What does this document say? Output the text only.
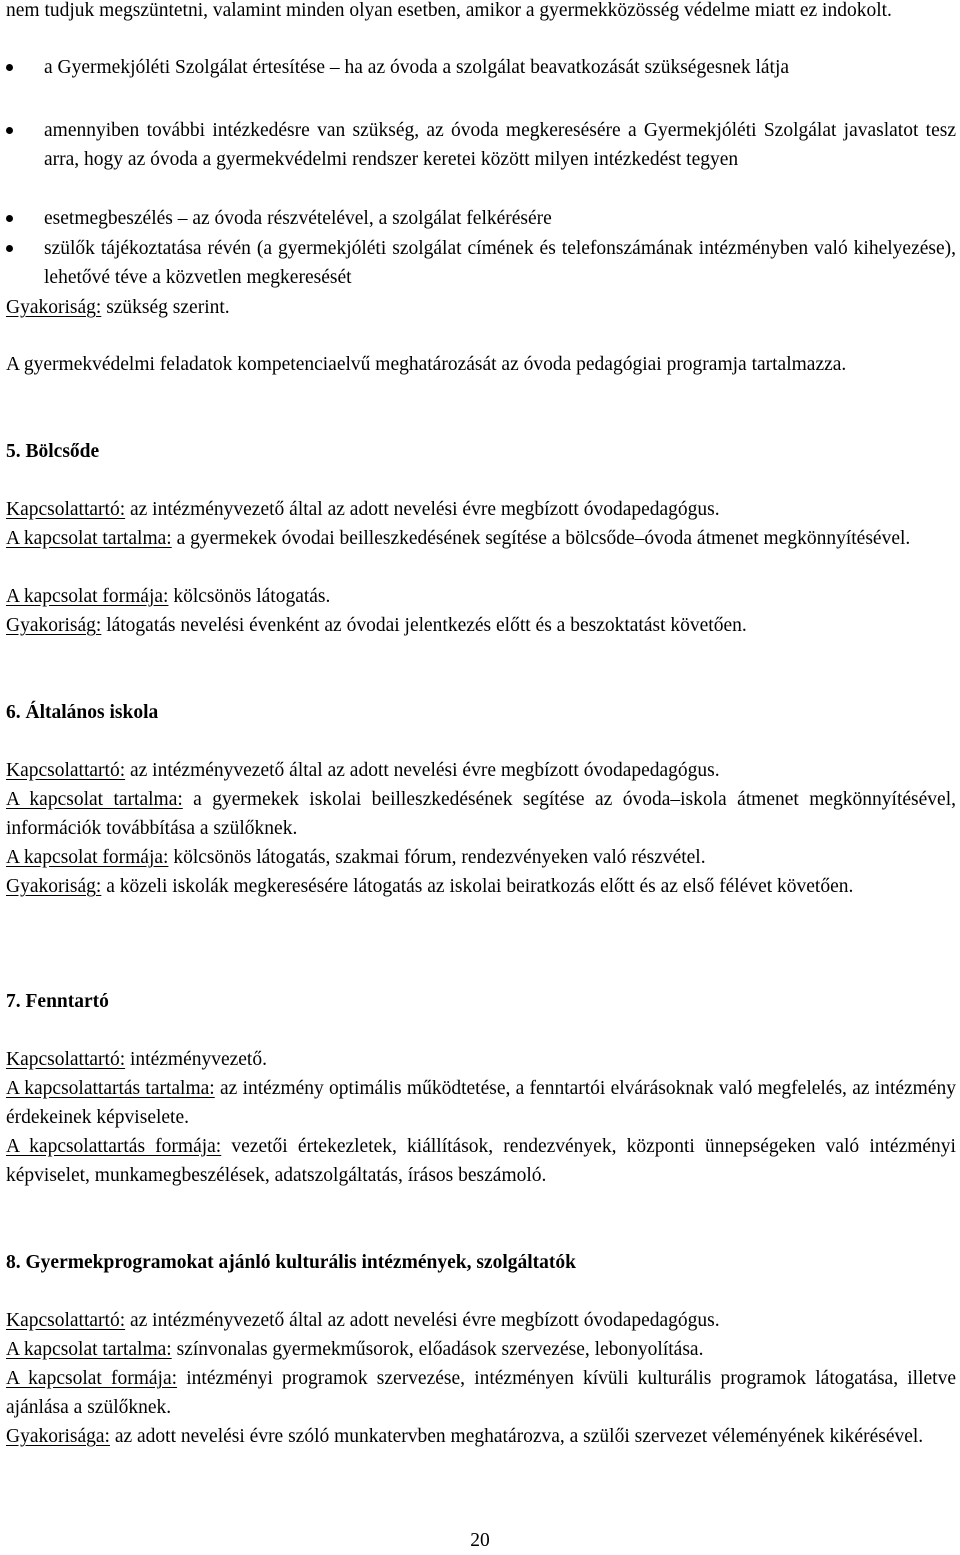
nem tudjuk megszüntetni, valamint minden olyan esetben, amikor a gyermekközösség védelme miatt ez indokolt.

a Gyermekjóléti Szolgálat értesítése – ha az óvoda a szolgálat beavatkozását szükségesnek látja
amennyiben további intézkedésre van szükség, az óvoda megkeresésére a Gyermekjóléti Szolgálat javaslatot tesz arra, hogy az óvoda a gyermekvédelmi rendszer keretei között milyen intézkedést tegyen
esetmegbeszélés – az óvoda részvételével, a szolgálat felkérésére
szülők tájékoztatása révén (a gyermekjóléti szolgálat címének és telefonszámának intézményben való kihelyezése), lehetővé téve a közvetlen megkeresését

Gyakoriság: szükség szerint.

A gyermekvédelmi feladatok kompetenciaelvű meghatározását az óvoda pedagógiai programja tartalmazza.

5. Bölcsőde

Kapcsolattartó: az intézményvezető által az adott nevelési évre megbízott óvodapedagógus.

A kapcsolat tartalma: a gyermekek óvodai beilleszkedésének segítése a bölcsőde–óvoda átmenet megkönnyítésével.

A kapcsolat formája: kölcsönös látogatás.

Gyakoriság: látogatás nevelési évenként az óvodai jelentkezés előtt és a beszoktatást követően.

6. Általános iskola

Kapcsolattartó: az intézményvezető által az adott nevelési évre megbízott óvodapedagógus.

A kapcsolat tartalma: a gyermekek iskolai beilleszkedésének segítése az óvoda–iskola átmenet megkönnyítésével, információk továbbítása a szülőknek.

A kapcsolat formája: kölcsönös látogatás, szakmai fórum, rendezvényeken való részvétel.

Gyakoriság: a közeli iskolák megkeresésére látogatás az iskolai beiratkozás előtt és az első félévet követően.

7. Fenntartó

Kapcsolattartó: intézményvezető.

A kapcsolattartás tartalma: az intézmény optimális működtetése, a fenntartói elvárásoknak való megfelelés, az intézmény érdekeinek képviselete.

A kapcsolattartás formája: vezetői értekezletek, kiállítások, rendezvények, központi ünnepségeken való intézményi képviselet, munkamegbeszélések, adatszolgáltatás, írásos beszámoló.

8. Gyermekprogramokat ajánló kulturális intézmények, szolgáltatók

Kapcsolattartó: az intézményvezető által az adott nevelési évre megbízott óvodapedagógus.

A kapcsolat tartalma: színvonalas gyermekműsorok, előadások szervezése, lebonyolítása.

A kapcsolat formája: intézményi programok szervezése, intézményen kívüli kulturális programok látogatása, illetve ajánlása a szülőknek.

Gyakorisága: az adott nevelési évre szóló munkatervben meghatározva, a szülői szervezet véleményének kikérésével.

20
